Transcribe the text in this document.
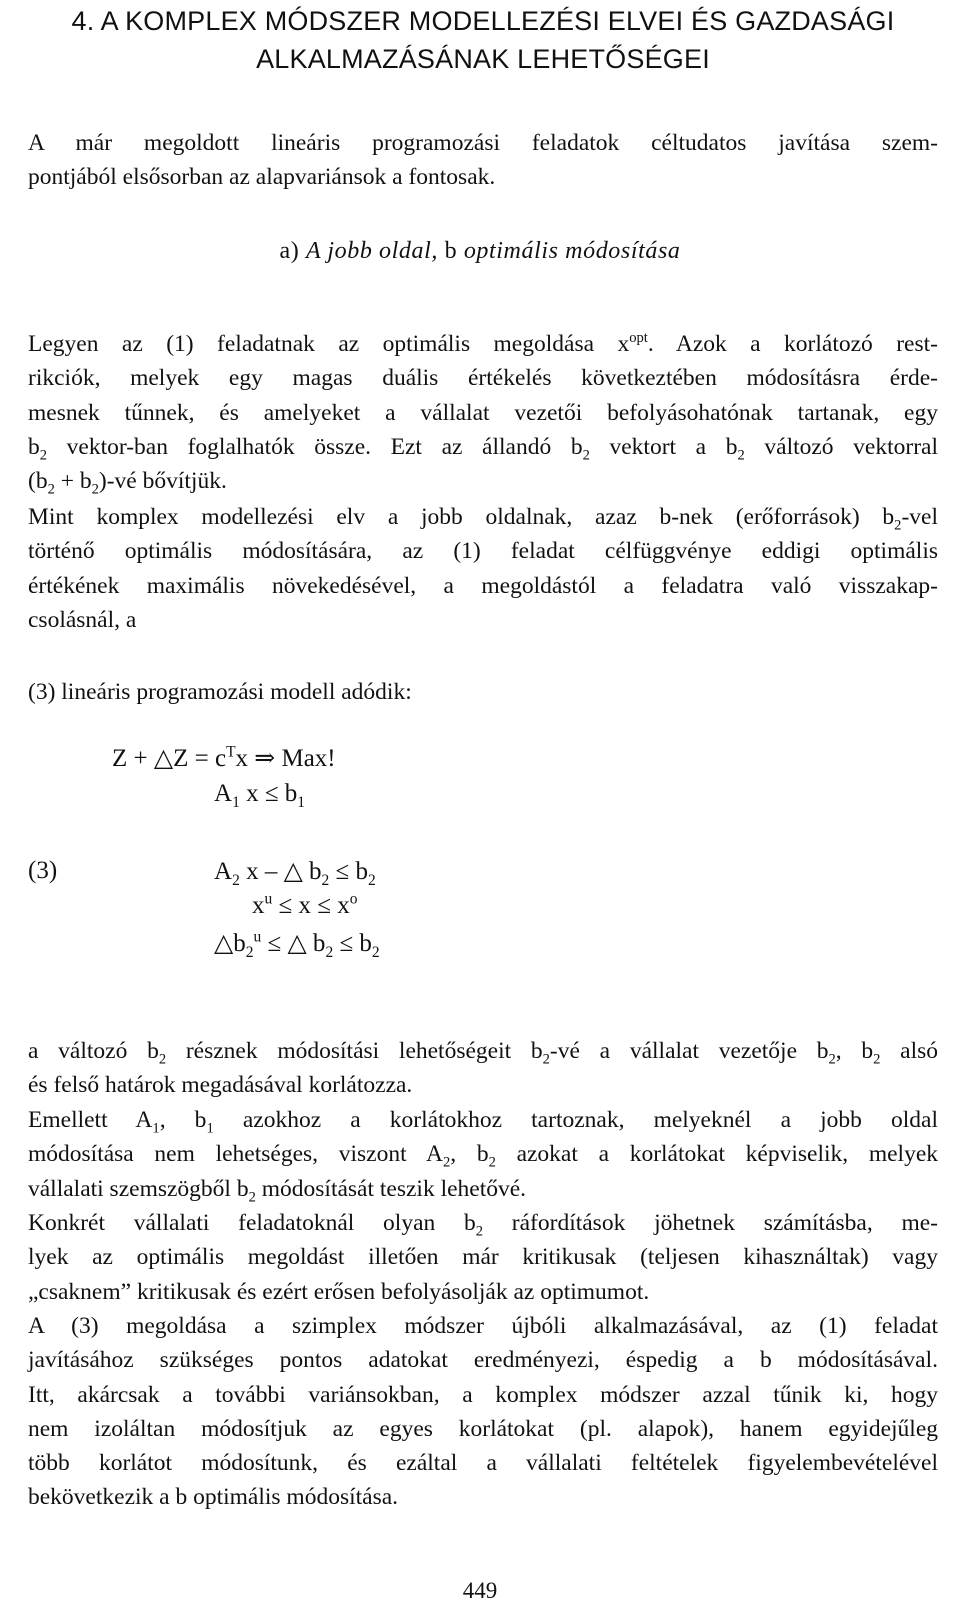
4. A KOMPLEX MÓDSZER MODELLEZÉSI ELVEI ÉS GAZDASÁGI
ALKALMAZÁSÁNAK LEHETŐSÉGEI
A már megoldott lineáris programozási feladatok céltudatos javítása szem-
pontjából elsősorban az alapvariánsok a fontosak.
a) A jobb oldal, b optimális módosítása
Legyen az (1) feladatnak az optimális megoldása $x^{opt}$. Azok a korlátozó rest-
rikciók, melyek egy magas duális értékelés következtében módosításra érde-
mesnek tűnnek, és amelyeket a vállalat vezetői befolyásohatónak tartanak, egy
$b_2$ vektor-ban foglalhatók össze. Ezt az állandó $b_2$ vektort a $b_2$ változó vektorral
($b_2$ + $b_2)-vé$ bővítjük.
Mint komplex modellezési elv a jobb oldalnak, azaz b-nek (erőforrások) $b_2$-vel
történő optimális módosítására, az (1) feladat célfüggvénye eddigi optimális
értékének maximális növekedésével, a megoldástól a feladatra való visszakap-
csolásnál, a
(3) lineáris programozási modell adódik:
Z + △Z = $c^Tx$ ⇒ Max!
$A_1$ $x \le b_1$
(3)	$A_2$ x – △ $b_2 \le b_2$
$x^u \le x \le x^o$
$\triangle b_2^u$ ≤ △ $b_2 \le b_2$
a változó $b_2$ résznek módosítási lehetőségeit $b_2-vé$ a vállalat vezetője $b_2$, $b_2$ alsó
és felső határok megadásával korlátozza.
Emellett $A_1$, $b_1$ azokhoz a korlátokhoz tartoznak, melyeknél a jobb oldal
módosítása nem lehetséges, viszont $A_2$, $b_2$ azokat a korlátokat képviselik, melyek
vállalati szemszögből $b_2$ módosítását teszik lehetővé.
Konkrét vállalati feladatoknál olyan $b_2$ ráfordítások jöhetnek számításba, me-
lyek az optimális megoldást illetően már kritikusak (teljesen kihasználtak) vagy
„csaknem” kritikusak és ezért erősen befolyásolják az optimumot.
A (3) megoldása a szimplex módszer újbóli alkalmazásával, az (1) feladat
javításához szükséges pontos adatokat eredményezi, éspedig a b módosításával.
Itt, akárcsak a további variánsokban, a komplex módszer azzal tűnik ki, hogy
nem izoláltan módosítjuk az egyes korlátokat (pl. alapok), hanem egyidejűleg
több korlátot módosítunk, és ezáltal a vállalati feltételek figyelembevételével
bekövetkezik a b optimális módosítása.
449
